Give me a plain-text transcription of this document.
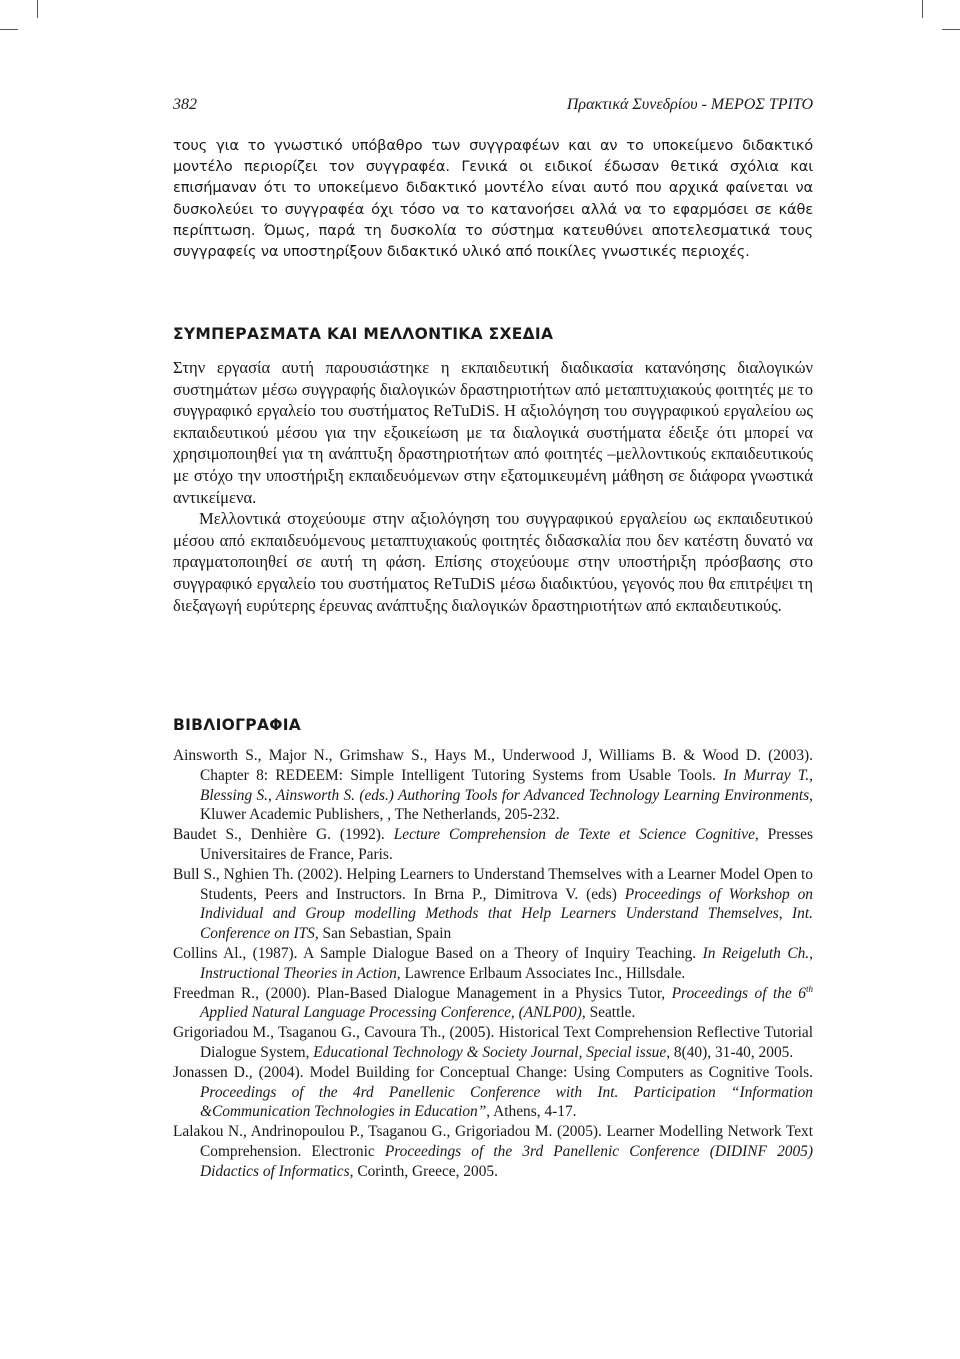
382	Πρακτικά Συνεδρίου - ΜΕΡΟΣ ΤΡΙΤΟ

τους για το γνωστικό υπόβαθρο των συγγραφέων και αν το υποκείμενο διδακτικό μοντέλο περιορίζει τον συγγραφέα. Γενικά οι ειδικοί έδωσαν θετικά σχόλια και επισήμαναν ότι το υποκείμενο διδακτικό μοντέλο είναι αυτό που αρχικά φαίνεται να δυσκολεύει το συγγραφέα όχι τόσο να το κατανοήσει αλλά να το εφαρμόσει σε κάθε περίπτωση. Όμως, παρά τη δυσκολία το σύστημα κατευθύνει αποτελεσματικά τους συγγραφείς να υποστηρίξουν διδακτικό υλικό από ποικίλες γνωστικές περιοχές.

ΣΥΜΠΕΡΑΣΜΑΤΑ ΚΑΙ ΜΕΛΛΟΝΤΙΚΑ ΣΧΕΔΙΑ

Στην εργασία αυτή παρουσιάστηκε η εκπαιδευτική διαδικασία κατανόησης διαλογικών συστημάτων μέσω συγγραφής διαλογικών δραστηριοτήτων από μεταπτυχιακούς φοιτητές με το συγγραφικό εργαλείο του συστήματος ReTuDiS. Η αξιολόγηση του συγγραφικού εργαλείου ως εκπαιδευτικού μέσου για την εξοικείωση με τα διαλογικά συστήματα έδειξε ότι μπορεί να χρησιμοποιηθεί για τη ανάπτυξη δραστηριοτήτων από φοιτητές –μελλοντικούς εκπαιδευτικούς με στόχο την υποστήριξη εκπαιδευόμενων στην εξατομικευμένη μάθηση σε διάφορα γνωστικά αντικείμενα.

Μελλοντικά στοχεύουμε στην αξιολόγηση του συγγραφικού εργαλείου ως εκπαιδευτικού μέσου από εκπαιδευόμενους μεταπτυχιακούς φοιτητές διδασκαλία που δεν κατέστη δυνατό να πραγματοποιηθεί σε αυτή τη φάση. Επίσης στοχεύουμε στην υποστήριξη πρόσβασης στο συγγραφικό εργαλείο του συστήματος ReTuDiS μέσω διαδικτύου, γεγονός που θα επιτρέψει τη διεξαγωγή ευρύτερης έρευνας ανάπτυξης διαλογικών δραστηριοτήτων από εκπαιδευτικούς.

ΒΙΒΛΙΟΓΡΑΦΙΑ
Ainsworth S., Major N., Grimshaw S., Hays M., Underwood J, Williams B. & Wood D. (2003). Chapter 8: REDEEM: Simple Intelligent Tutoring Systems from Usable Tools. In Murray T., Blessing S., Ainsworth S. (eds.) Authoring Tools for Advanced Technology Learning Environments, Kluwer Academic Publishers, , The Netherlands, 205-232.
Baudet S., Denhière G. (1992). Lecture Comprehension de Texte et Science Cognitive, Presses Universitaires de France, Paris.
Bull S., Nghien Th. (2002). Helping Learners to Understand Themselves with a Learner Model Open to Students, Peers and Instructors. In Brna P., Dimitrova V. (eds) Proceedings of Workshop on Individual and Group modelling Methods that Help Learners Understand Themselves, Int. Conference on ITS, San Sebastian, Spain
Collins Al., (1987). A Sample Dialogue Based on a Theory of Inquiry Teaching. In Reigeluth Ch., Instructional Theories in Action, Lawrence Erlbaum Associates Inc., Hillsdale.
Freedman R., (2000). Plan-Based Dialogue Management in a Physics Tutor, Proceedings of the 6th Applied Natural Language Processing Conference, (ANLP00), Seattle.
Grigoriadou M., Tsaganou G., Cavoura Th., (2005). Historical Text Comprehension Reflective Tutorial Dialogue System, Educational Technology & Society Journal, Special issue, 8(40), 31-40, 2005.
Jonassen D., (2004). Model Building for Conceptual Change: Using Computers as Cognitive Tools. Proceedings of the 4rd Panellenic Conference with Int. Participation “Information &Communication Technologies in Education”, Athens, 4-17.
Lalakou N., Andrinopoulou P., Tsaganou G., Grigoriadou M. (2005). Learner Modelling Network Text Comprehension. Electronic Proceedings of the 3rd Panellenic Conference (DIDINF 2005) Didactics of Informatics, Corinth, Greece, 2005.
